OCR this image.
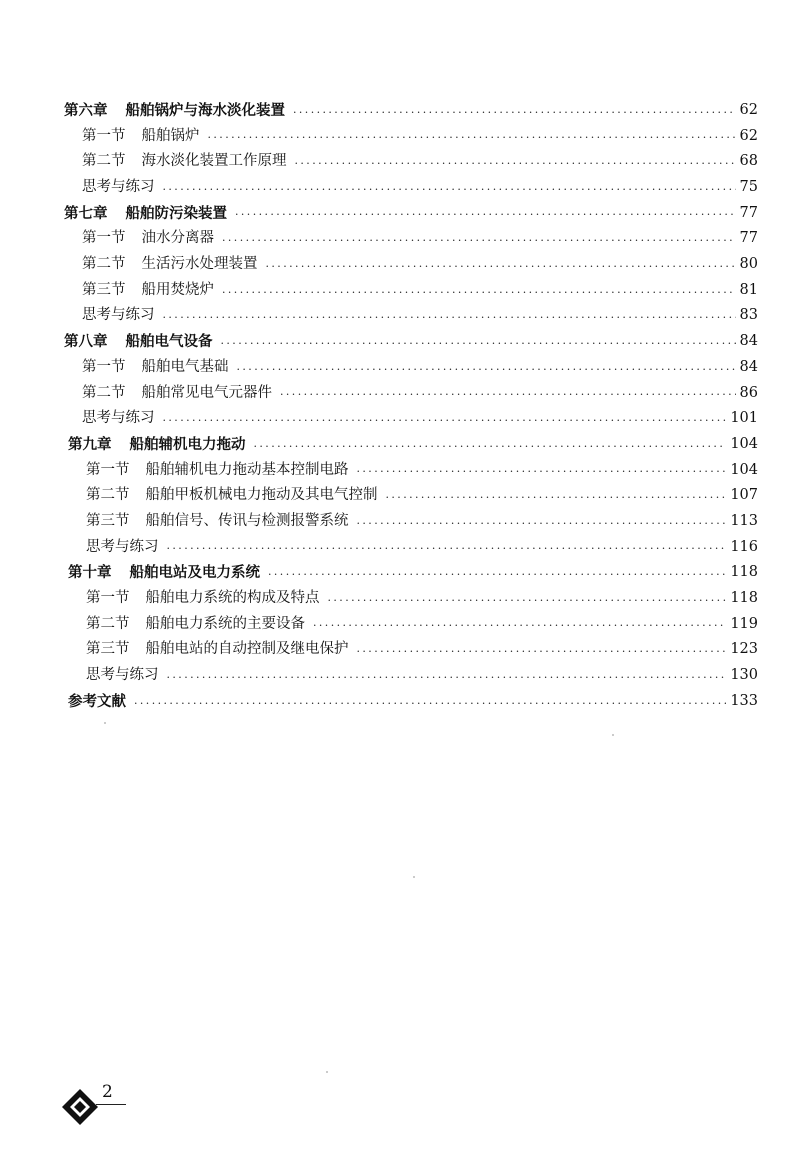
第六章 船舶锅炉与海水淡化装置 ·····	62
第一节 船舶锅炉 ·····	62
第二节 海水淡化装置工作原理 ·····	68
思考与练习 ·····	75
第七章 船舶防污染装置 ·····	77
第一节 油水分离器 ·····	77
第二节 生活污水处理装置 ·····	80
第三节 船用焚烧炉 ·····	81
思考与练习 ·····	83
第八章 船舶电气设备 ·····	84
第一节 船舶电气基础 ·····	84
第二节 船舶常见电气元器件 ·····	86
思考与练习 ·····	101
第九章 船舶辅机电力拖动 ·····	104
第一节 船舶辅机电力拖动基本控制电路 ·····	104
第二节 船舶甲板机械电力拖动及其电气控制 ·····	107
第三节 船舶信号、传讯与检测报警系统 ·····	113
思考与练习 ·····	116
第十章 船舶电站及电力系统 ·····	118
第一节 船舶电力系统的构成及特点 ·····	118
第二节 船舶电力系统的主要设备 ·····	119
第三节 船舶电站的自动控制及继电保护 ·····	123
思考与练习 ·····	130
参考文献 ·····	133
2
